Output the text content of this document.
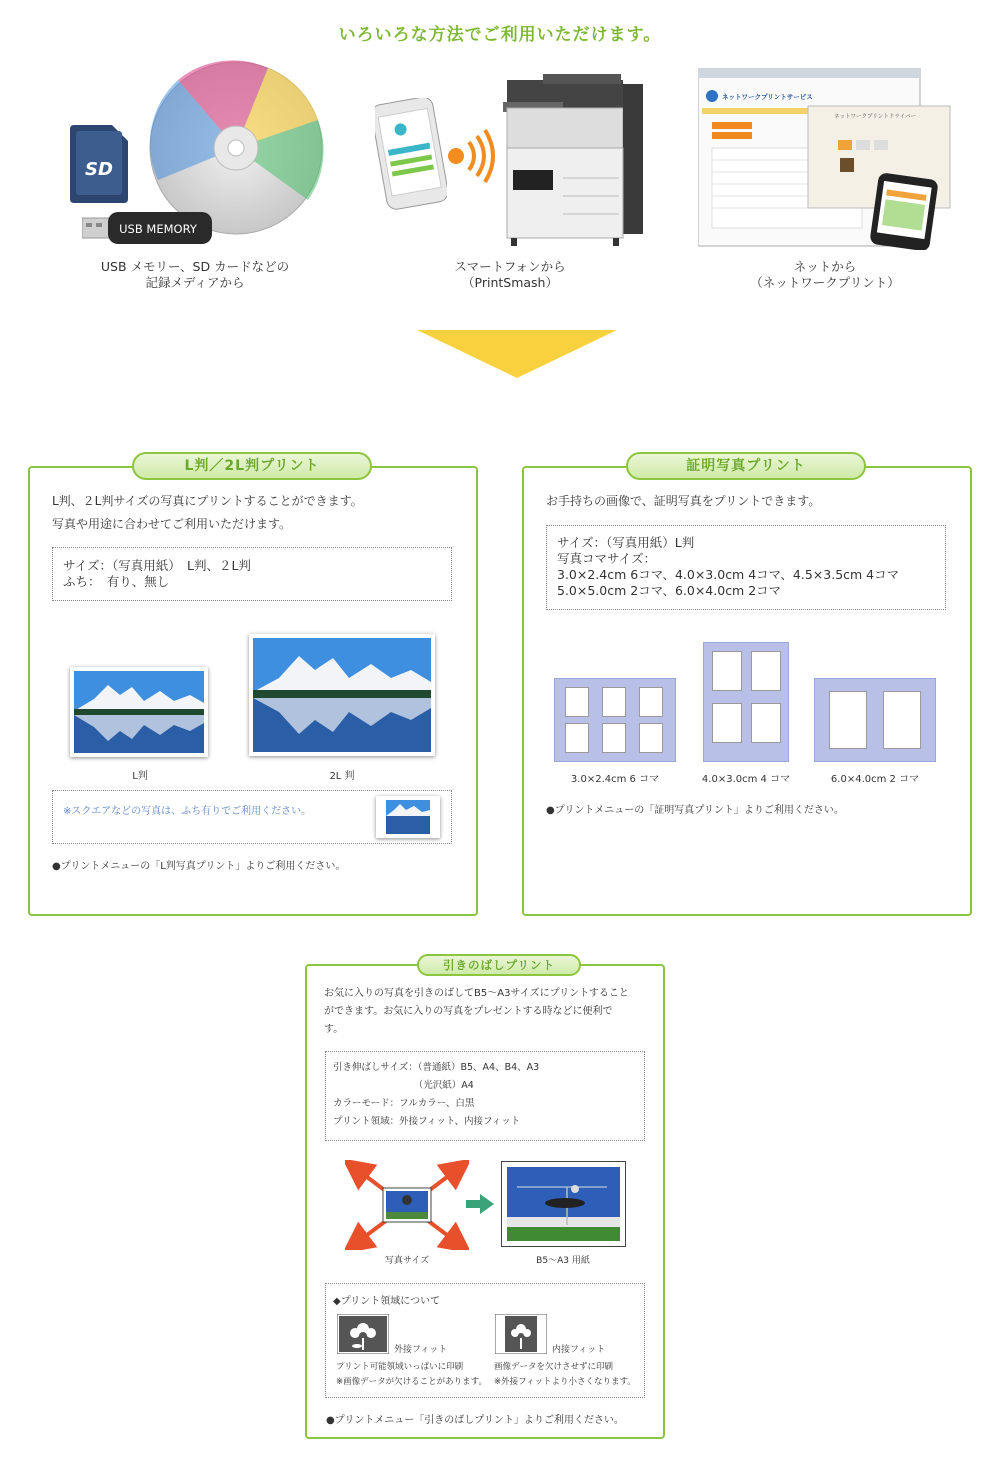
いろいろな方法でご利用いただけます。
SD
USB MEMORY
USB メモリー、SD カードなどの
記録メディアから
スマートフォンから
（PrintSmash）
ネットワークプリントサービス
ネットワークプリントドライバー
ネットから
（ネットワークプリント）
L判／2L判プリント
L判、２L判サイズの写真にプリントすることができます。
写真や用途に合わせてご利用いただけます。
サイズ：（写真用紙）　L判、２L判
ふち：　有り、無し
L判	2L 判
※スクエアなどの写真は、ふち有りでご利用ください。
●プリントメニューの「L判写真プリント」よりご利用ください。
証明写真プリント
お手持ちの画像で、証明写真をプリントできます。
サイズ：（写真用紙）L判
写真コマサイズ：
3.0×2.4cm 6コマ、4.0×3.0cm 4コマ、4.5×3.5cm 4コマ
5.0×5.0cm 2コマ、6.0×4.0cm 2コマ
3.0×2.4cm 6 コマ	4.0×3.0cm 4 コマ	6.0×4.0cm 2 コマ
●プリントメニューの「証明写真プリント」よりご利用ください。
引きのばしプリント
お気に入りの写真を引きのばしてB5～A3サイズにプリントすること
ができます。お気に入りの写真をプレゼントする時などに便利で
す。
引き伸ばしサイズ：（普通紙）B5、A4、B4、A3
　　　　　　　　　（光沢紙）A4
カラーモード：フルカラー、白黒
プリント領域：外接フィット、内接フィット
写真サイズ	B5～A3 用紙
◆プリント領域について
外接フィット
プリント可能領域いっぱいに印刷
※画像データが欠けることがあります。
内接フィット
画像データを欠けさせずに印刷
※外接フィットより小さくなります。
●プリントメニュー「引きのばしプリント」よりご利用ください。
